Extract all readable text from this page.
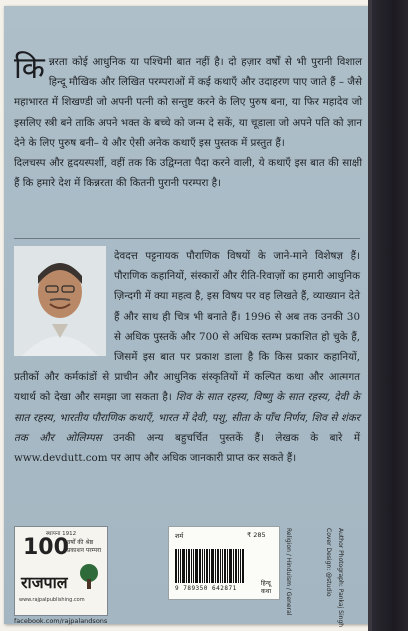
किन्नरता कोई आधुनिक या पश्चिमी बात नहीं है। दो हज़ार वर्षों से भी पुरानी विशाल हिन्दू मौखिक और लिखित परम्पराओं में कई कथाएँ और उदाहरण पाए जाते हैं – जैसे महाभारत में शिखण्डी जो अपनी पत्नी को सन्तुष्ट करने के लिए पुरुष बना, या फिर महादेव जो इसलिए स्त्री बने ताकि अपने भक्त के बच्चे को जन्म दे सकें, या चूडाला जो अपने पति को ज्ञान देने के लिए पुरुष बनी– ये और ऐसी अनेक कथाएँ इस पुस्तक में प्रस्तुत हैं।
दिलचस्प और हृदयस्पर्शी, वहीं तक कि उद्विग्नता पैदा करने वाली, ये कथाएँ इस बात की साक्षी हैं कि हमारे देश में किन्नरता की कितनी पुरानी परम्परा है।
देवदत्त पट्टनायक पौराणिक विषयों के जाने-माने विशेषज्ञ हैं। पौराणिक कहानियों, संस्कारों और रीति-रिवाज़ों का हमारी आधुनिक ज़िन्दगी में क्या महत्व है, इस विषय पर वह लिखते हैं, व्याख्यान देते हैं और साथ ही चित्र भी बनाते हैं। 1996 से अब तक उनकी 30 से अधिक पुस्तकें और 700 से अधिक स्तम्भ प्रकाशित हो चुके हैं, जिसमें इस बात पर प्रकाश डाला है कि किस प्रकार कहानियों, प्रतीकों और कर्मकांडों से प्राचीन और आधुनिक संस्कृतियों में कल्पित कथा और आत्मगत यथार्थ को देखा और समझा जा सकता है। शिव के सात रहस्य, विष्णु के सात रहस्य, देवी के सात रहस्य, भारतीय पौराणिक कथाएँ, भारत में देवी, पशु, सीता के पाँच निर्णय, शिव से शंकर तक और ओलिम्पस उनकी अन्य बहुचर्चित पुस्तकें हैं। लेखक के बारे में www.devdutt.com पर आप और अधिक जानकारी प्राप्त कर सकते हैं।
स्थापना 1912
100
वर्षों की श्रेष्ठ प्रकाशन परम्परा
राजपाल
www.rajpalpublishing.com
facebook.com/rajpalandsons
शर्म	₹ 285
9 789350 642871
हिन्दू कथा	Religion / Hinduism / General	Cover Design: @studio Author Photograph: Pankaj Singh
